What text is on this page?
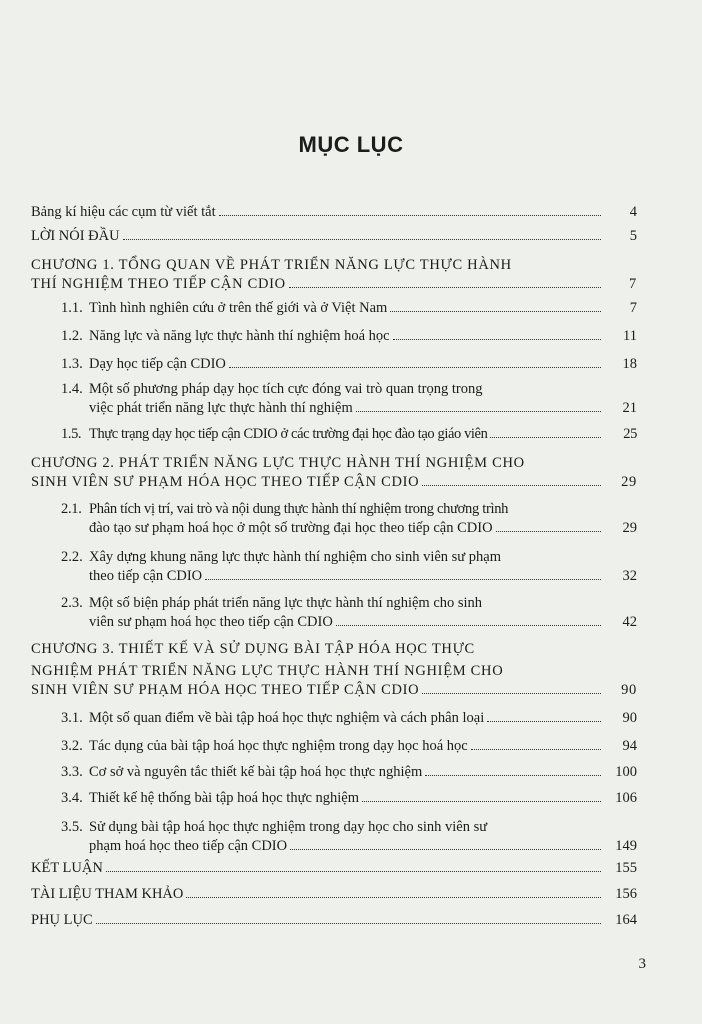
MỤC LỤC
Bảng kí hiệu các cụm từ viết tắt	4
LỜI NÓI ĐẦU	5
CHƯƠNG 1. TỔNG QUAN VỀ PHÁT TRIỂN NĂNG LỰC THỰC HÀNH
THÍ NGHIỆM THEO TIẾP CẬN CDIO	7
1.1. Tình hình nghiên cứu ở trên thế giới và ở Việt Nam	7
1.2. Năng lực và năng lực thực hành thí nghiệm hoá học	11
1.3. Dạy học tiếp cận CDIO	18
1.4. Một số phương pháp dạy học tích cực đóng vai trò quan trọng trong
việc phát triển năng lực thực hành thí nghiệm	21
1.5. Thực trạng dạy học tiếp cận CDIO ở các trường đại học đào tạo giáo viên	25
CHƯƠNG 2. PHÁT TRIỂN NĂNG LỰC THỰC HÀNH THÍ NGHIỆM CHO
SINH VIÊN SƯ PHẠM HÓA HỌC THEO TIẾP CẬN CDIO	29
2.1. Phân tích vị trí, vai trò và nội dung thực hành thí nghiệm trong chương trình
đào tạo sư phạm hoá học ở một số trường đại học theo tiếp cận CDIO	29
2.2. Xây dựng khung năng lực thực hành thí nghiệm cho sinh viên sư phạm
theo tiếp cận CDIO	32
2.3. Một số biện pháp phát triển năng lực thực hành thí nghiệm cho sinh
viên sư phạm hoá học theo tiếp cận CDIO	42
CHƯƠNG 3. THIẾT KẾ VÀ SỬ DỤNG BÀI TẬP HÓA HỌC THỰC
NGHIỆM PHÁT TRIỂN NĂNG LỰC THỰC HÀNH THÍ NGHIỆM CHO
SINH VIÊN SƯ PHẠM HÓA HỌC THEO TIẾP CẬN CDIO	90
3.1. Một số quan điểm về bài tập hoá học thực nghiệm và cách phân loại	90
3.2. Tác dụng của bài tập hoá học thực nghiệm trong dạy học hoá học	94
3.3. Cơ sở và nguyên tắc thiết kế bài tập hoá học thực nghiệm	100
3.4. Thiết kế hệ thống bài tập hoá học thực nghiệm	106
3.5. Sử dụng bài tập hoá học thực nghiệm trong dạy học cho sinh viên sư
phạm hoá học theo tiếp cận CDIO	149
KẾT LUẬN	155
TÀI LIỆU THAM KHẢO	156
PHỤ LỤC	164
3
